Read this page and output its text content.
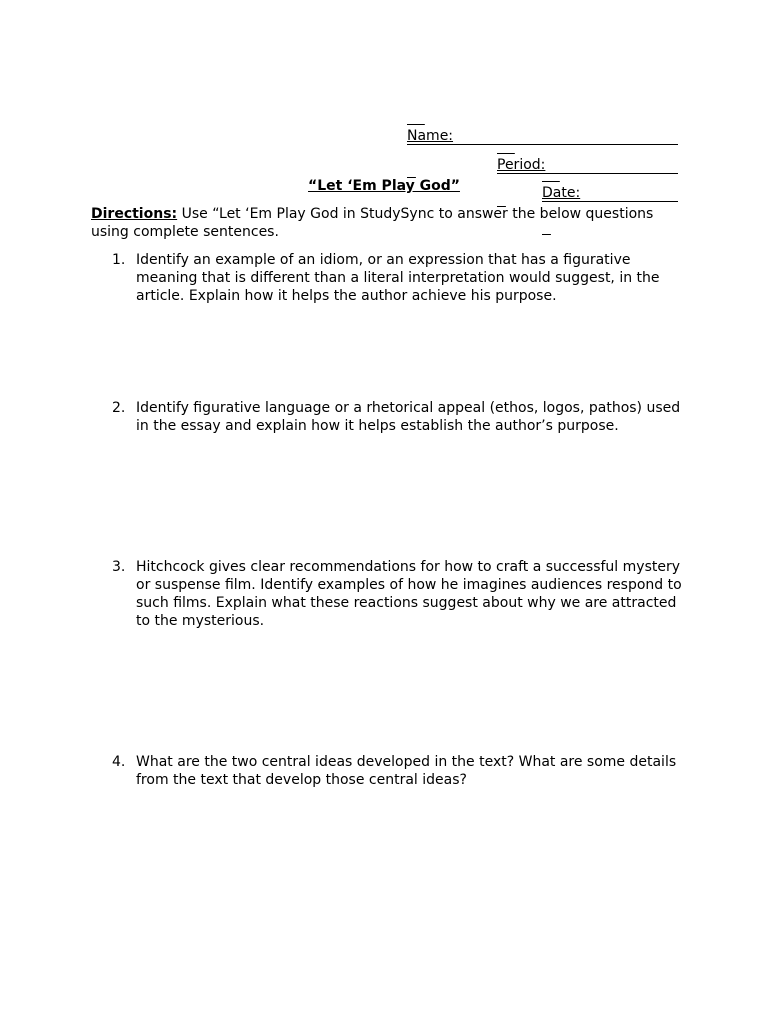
Name:

Period:

Date:

“Let ‘Em Play God”
Directions: Use “Let ‘Em Play God in StudySync to answer the below questions using complete sentences.
1. Identify an example of an idiom, or an expression that has a figurative meaning that is different than a literal interpretation would suggest, in the article. Explain how it helps the author achieve his purpose.
2. Identify figurative language or a rhetorical appeal (ethos, logos, pathos) used in the essay and explain how it helps establish the author’s purpose.
3. Hitchcock gives clear recommendations for how to craft a successful mystery or suspense film. Identify examples of how he imagines audiences respond to such films. Explain what these reactions suggest about why we are attracted to the mysterious.
4. What are the two central ideas developed in the text? What are some details from the text that develop those central ideas?
